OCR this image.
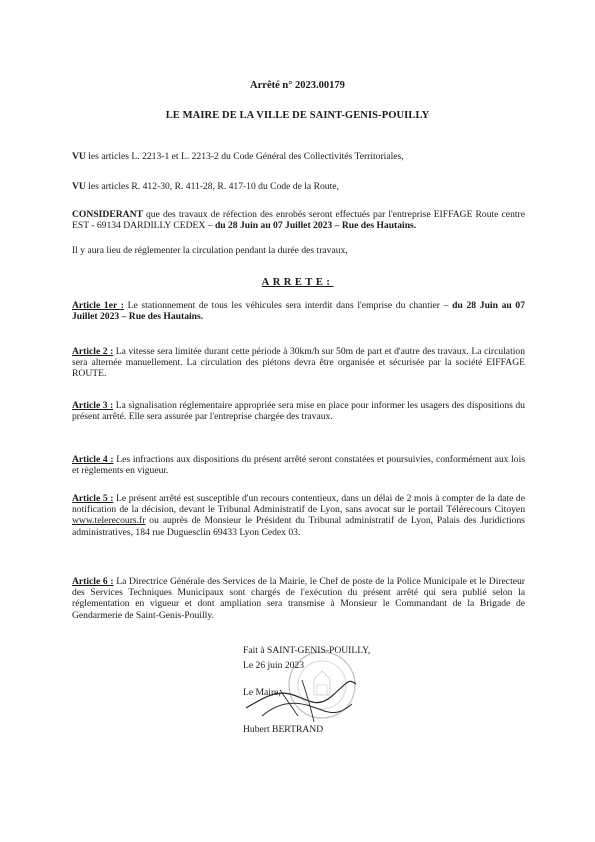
Arrêté n° 2023.00179
LE MAIRE DE LA VILLE DE SAINT-GENIS-POUILLY
VU les articles L. 2213-1 et L. 2213-2 du Code Général des Collectivités Territoriales,
VU les articles R. 412-30, R. 411-28, R. 417-10 du Code de la Route,
CONSIDERANT que des travaux de réfection des enrobés seront effectués par l'entreprise EIFFAGE Route centre EST - 69134 DARDILLY CEDEX – du 28 Juin au 07 Juillet 2023 – Rue des Hautains.
Il y aura lieu de réglementer la circulation pendant la durée des travaux,
ARRETE:
Article 1er : Le stationnement de tous les véhicules sera interdit dans l'emprise du chantier – du 28 Juin au 07 Juillet 2023 – Rue des Hautains.
Article 2 : La vitesse sera limitée durant cette période à 30km/h sur 50m de part et d'autre des travaux. La circulation sera alternée manuellement. La circulation des piétons devra être organisée et sécurisée par la société EIFFAGE ROUTE.
Article 3 : La signalisation réglementaire appropriée sera mise en place pour informer les usagers des dispositions du présent arrêté. Elle sera assurée par l'entreprise chargée des travaux.
Article 4 : Les infractions aux dispositions du présent arrêté seront constatées et poursuivies, conformément aux lois et règlements en vigueur.
Article 5 : Le présent arrêté est susceptible d'un recours contentieux, dans un délai de 2 mois à compter de la date de notification de la décision, devant le Tribunal Administratif de Lyon, sans avocat sur le portail Télérecours Citoyen www.telerecours.fr ou auprès de Monsieur le Président du Tribunal administratif de Lyon, Palais des Juridictions administratives, 184 rue Duguesclin 69433 Lyon Cedex 03.
Article 6 : La Directrice Générale des Services de la Mairie, le Chef de poste de la Police Municipale et le Directeur des Services Techniques Municipaux sont chargés de l'exécution du présent arrêté qui sera publié selon la réglementation en vigueur et dont ampliation sera transmise à Monsieur le Commandant de la Brigade de Gendarmerie de Saint-Genis-Pouilly.
Fait à SAINT-GENIS-POUILLY,
Le 26 juin 2023
Le Maire,
Hubert BERTRAND
